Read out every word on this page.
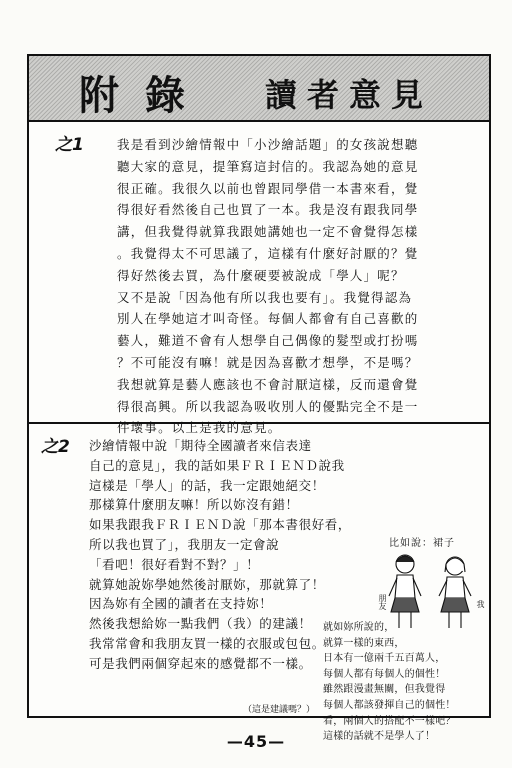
附錄 讀者意見
之1	我是看到沙繪情報中「小沙繪話題」的女孩說想聽
聽大家的意見，提筆寫這封信的。我認為她的意見
很正確。我很久以前也曾跟同學借一本書來看，覺
得很好看然後自己也買了一本。我是沒有跟我同學
講，但我覺得就算我跟她講她也一定不會覺得怎樣
。我覺得太不可思議了，這樣有什麼好討厭的？覺
得好然後去買，為什麼硬要被說成「學人」呢？
又不是說「因為他有所以我也要有」。我覺得認為
別人在學她這才叫奇怪。每個人都會有自己喜歡的
藝人，難道不會有人想學自己偶像的髮型或打扮嗎
？不可能沒有嘛！就是因為喜歡才想學，不是嗎？
我想就算是藝人應該也不會討厭這樣，反而還會覺
得很高興。所以我認為吸收別人的優點完全不是一
件壞事。以上是我的意見。
之2 沙繪情報中說「期待全國讀者來信表達
自己的意見」，我的話如果ＦＲＩＥＮＤ說我
這樣是「學人」的話，我一定跟她絕交！
那樣算什麼朋友嘛！所以妳沒有錯！
如果我跟我ＦＲＩＥＮＤ說「那本書很好看，
所以我也買了」，我朋友一定會說
「看吧！很好看對不對？」！
就算她說妳學她然後討厭妳，那就算了！
因為妳有全國的讀者在支持妳！
然後我想給妳一點我們（我）的建議！
我常常會和我朋友買一樣的衣服或包包。
可是我們兩個穿起來的感覺都不一樣。
比如說：裙子
朋友	我
就如妳所說的，
就算一樣的東西，
日本有一億兩千五百萬人，
每個人都有每個人的個性！
雖然跟漫畫無關，但我覺得
每個人都該發揮自己的個性！
看，兩個人的搭配不一樣吧？
這樣的話就不是學人了！
（這是建議嗎？）
—45—
